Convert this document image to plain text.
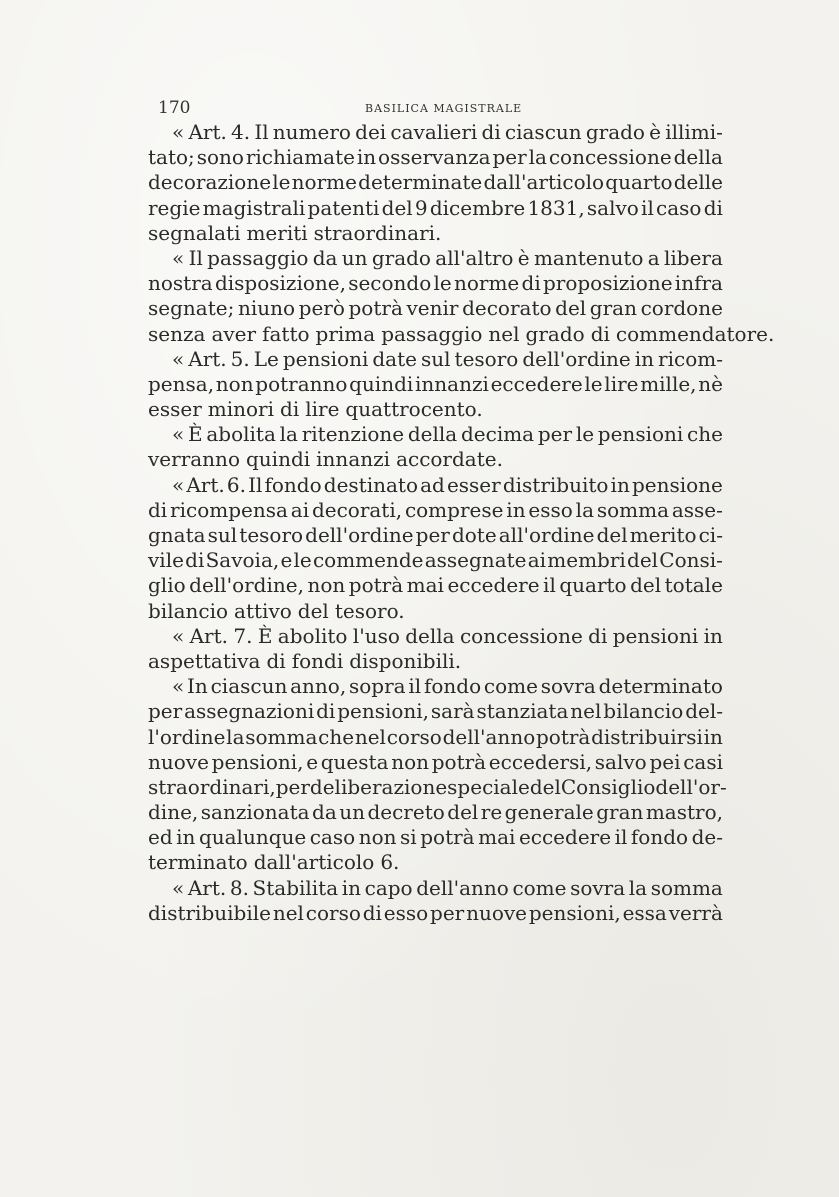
170	BASILICA MAGISTRALE
« Art. 4. Il numero dei cavalieri di ciascun grado è illimi-
tato; sono richiamate in osservanza per la concessione della
decorazione le norme determinate dall'articolo quarto delle
regie magistrali patenti del 9 dicembre 1831, salvo il caso di
segnalati meriti straordinari.
« Il passaggio da un grado all'altro è mantenuto a libera
nostra disposizione, secondo le norme di proposizione infra
segnate; niuno però potrà venir decorato del gran cordone
senza aver fatto prima passaggio nel grado di commendatore.
« Art. 5. Le pensioni date sul tesoro dell'ordine in ricom-
pensa, non potranno quindi innanzi eccedere le lire mille, nè
esser minori di lire quattrocento.
« È abolita la ritenzione della decima per le pensioni che
verranno quindi innanzi accordate.
« Art. 6. Il fondo destinato ad esser distribuito in pensione
di ricompensa ai decorati, comprese in esso la somma asse-
gnata sul tesoro dell'ordine per dote all'ordine del merito ci-
vile di Savoia, e le commende assegnate ai membri del Consi-
glio dell'ordine, non potrà mai eccedere il quarto del totale
bilancio attivo del tesoro.
« Art. 7. È abolito l'uso della concessione di pensioni in
aspettativa di fondi disponibili.
« In ciascun anno, sopra il fondo come sovra determinato
per assegnazioni di pensioni, sarà stanziata nel bilancio del-
l'ordine la somma che nel corso dell'anno potrà distribuirsi in
nuove pensioni, e questa non potrà eccedersi, salvo pei casi
straordinari, per deliberazione speciale del Consiglio dell'or-
dine, sanzionata da un decreto del re generale gran mastro,
ed in qualunque caso non si potrà mai eccedere il fondo de-
terminato dall'articolo 6.
« Art. 8. Stabilita in capo dell'anno come sovra la somma
distribuibile nel corso di esso per nuove pensioni, essa verrà
